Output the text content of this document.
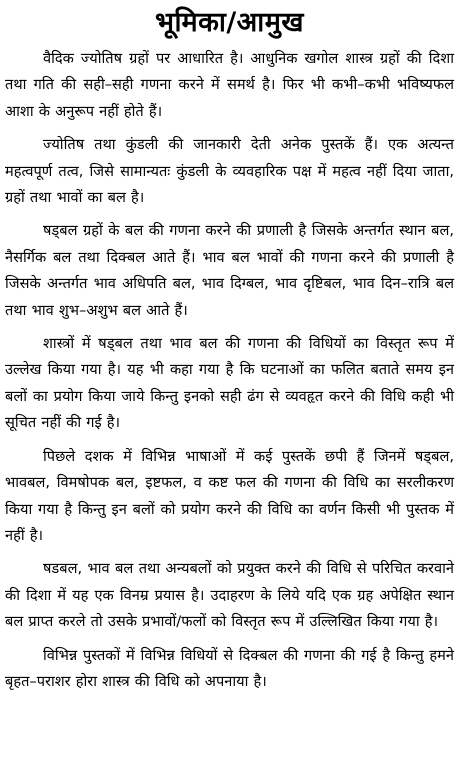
भूमिका/आमुख

वैदिक ज्योतिष ग्रहों पर आधारित है। आधुनिक खगोल शास्त्र ग्रहों की दिशा तथा गति की सही–सही गणना करने में समर्थ है। फिर भी कभी–कभी भविष्यफल आशा के अनुरूप नहीं होते हैं।

ज्योतिष तथा कुंडली की जानकारी देती अनेक पुस्तकें हैं। एक अत्यन्त महत्वपूर्ण तत्व, जिसे सामान्यतः कुंडली के व्यवहारिक पक्ष में महत्व नहीं दिया जाता, ग्रहों तथा भावों का बल है।

षड्बल ग्रहों के बल की गणना करने की प्रणाली है जिसके अन्तर्गत स्थान बल, नैसर्गिक बल तथा दिक्बल आते हैं। भाव बल भावों की गणना करने की प्रणाली है जिसके अन्तर्गत भाव अधिपति बल, भाव दिग्बल, भाव दृष्टिबल, भाव दिन–रात्रि बल तथा भाव शुभ–अशुभ बल आते हैं।

शास्त्रों में षड्बल तथा भाव बल की गणना की विधियों का विस्तृत रूप में उल्लेख किया गया है। यह भी कहा गया है कि घटनाओं का फलित बताते समय इन बलों का प्रयोग किया जाये किन्तु इनको सही ढंग से व्यवहृत करने की विधि कही भी सूचित नहीं की गई है।

पिछले दशक में विभिन्न भाषाओं में कई पुस्तकें छपी हैं जिनमें षड्बल, भावबल, विमषोपक बल, इष्टफल, व कष्ट फल की गणना की विधि का सरलीकरण किया गया है किन्तु इन बलों को प्रयोग करने की विधि का वर्णन किसी भी पुस्तक में नहीं है।

षडबल, भाव बल तथा अन्यबलों को प्रयुक्त करने की विधि से परिचित करवाने की दिशा में यह एक विनम्र प्रयास है। उदाहरण के लिये यदि एक ग्रह अपेक्षित स्थान बल प्राप्त करले तो उसके प्रभावों/फलों को विस्तृत रूप में उल्लिखित किया गया है।

विभिन्न पुस्तकों में विभिन्न विधियों से दिक्बल की गणना की गई है किन्तु हमने बृहत–पराशर होरा शास्त्र की विधि को अपनाया है।
